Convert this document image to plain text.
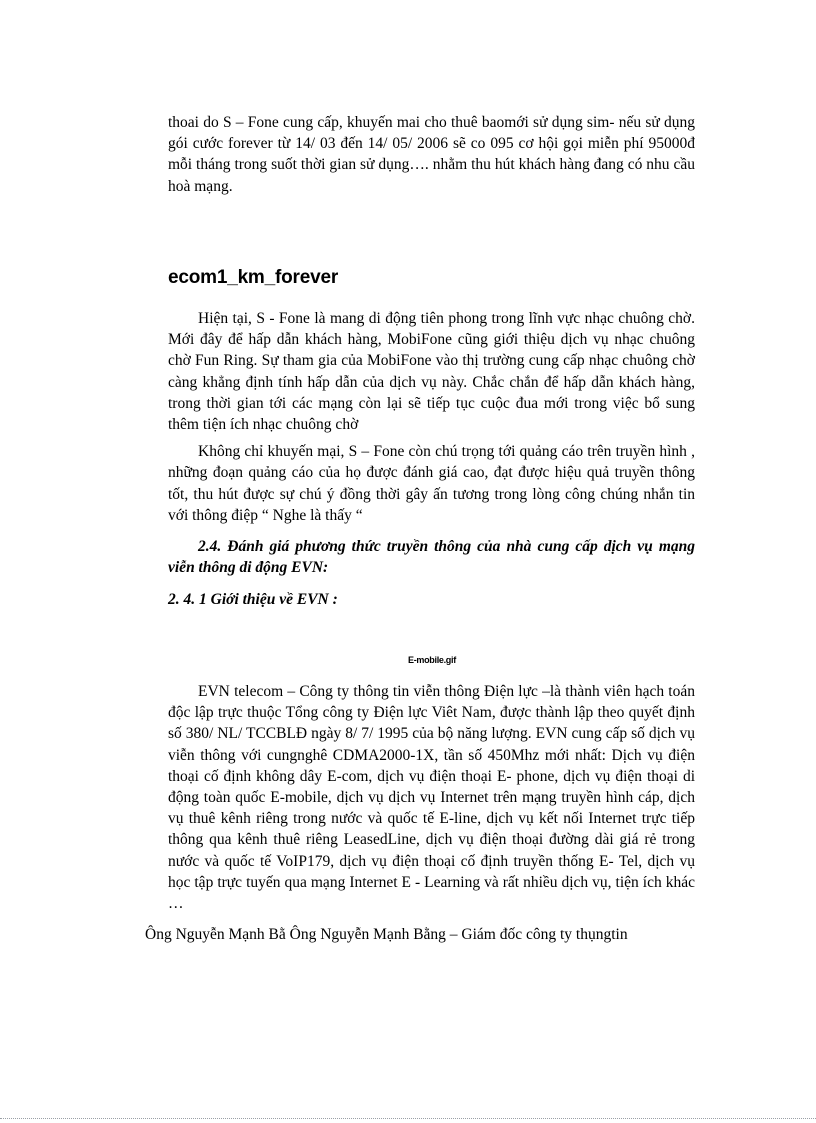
thoai do S – Fone cung cấp, khuyến mai cho thuê baomới sử dụng sim- nếu sử dụng gói cước forever từ 14/ 03 đến 14/ 05/ 2006 sẽ co 095 cơ hội gọi miễn phí 95000đ mỗi tháng trong suốt thời gian sử dụng…. nhằm thu hút khách hàng đang có nhu cầu hoà mạng.

ecom1_km_forever

Hiện tại, S - Fone là mang di động tiên phong trong lĩnh vực nhạc chuông chờ. Mới đây để hấp dẫn khách hàng, MobiFone cũng giới thiệu dịch vụ nhạc chuông chờ Fun Ring. Sự tham gia của MobiFone vào thị trường cung cấp nhạc chuông chờ càng khẳng định tính hấp dẫn của dịch vụ này. Chắc chắn để hấp dẫn khách hàng, trong thời gian tới các mạng còn lại sẽ tiếp tục cuộc đua mới trong việc bổ sung thêm tiện ích nhạc chuông chờ

Không chỉ khuyến mại, S – Fone còn chú trọng tới quảng cáo trên truyền hình , những đoạn quảng cáo của họ được đánh giá cao, đạt được hiệu quả truyền thông tốt, thu hút được sự chú ý đồng thời gây ấn tương trong lòng công chúng nhắn tin với thông điệp “ Nghe là thấy “

2.4. Đánh giá phương thức truyền thông của nhà cung cấp dịch vụ mạng viễn thông di động EVN:

2. 4. 1 Giới thiệu về EVN :

E-mobile.gif

EVN telecom – Công ty thông tin viễn thông Điện lực –là thành viên hạch toán độc lập trực thuộc Tổng công ty Điện lực Viêt Nam, được thành lập theo quyết định số 380/ NL/ TCCBLĐ ngày 8/ 7/ 1995 của bộ năng lượng. EVN cung cấp số dịch vụ viễn thông với cungnghê CDMA2000-1X, tần số 450Mhz mới nhất: Dịch vụ điện thoại cố định không dây E-com, dịch vụ điện thoại E- phone, dịch vụ điện thoại di động toàn quốc E-mobile, dịch vụ dịch vụ Internet trên mạng truyền hình cáp, dịch vụ thuê kênh riêng trong nước và quốc tế E-line, dịch vụ kết nối Internet trực tiếp thông qua kênh thuê riêng LeasedLine, dịch vụ điện thoại đường dài giá rẻ trong nước và quốc tế VoIP179, dịch vụ điện thoại cố định truyền thống E- Tel, dịch vụ học tập trực tuyến qua mạng Internet E - Learning và rất nhiều dịch vụ, tiện ích khác …

Ông Nguyễn Mạnh Bằ Ông Nguyễn Mạnh Bằng – Giám đốc công ty thụngtin
